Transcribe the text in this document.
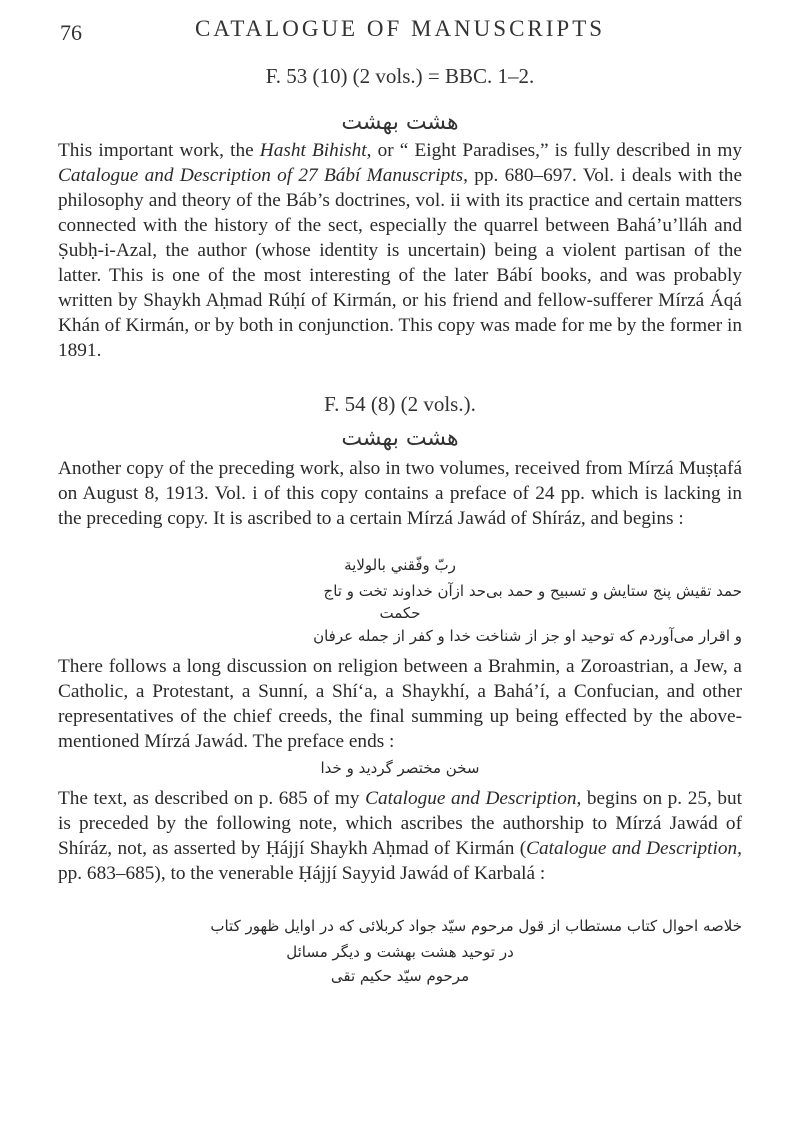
76	CATALOGUE OF MANUSCRIPTS
F. 53 (10) (2 vols.) = BBC. 1–2.
هشت بهشت

This important work, the Hasht Bihisht, or “ Eight Paradises,” is fully described in my Catalogue and Description of 27 Bábí Manuscripts, pp. 680–697. Vol. i deals with the philosophy and theory of the Báb’s doctrines, vol. ii with its practice and certain matters connected with the history of the sect, especially the quarrel between Bahá’u’lláh and Ṣubḥ-i-Azal, the author (whose identity is uncertain) being a violent partisan of the latter. This is one of the most interesting of the later Bábí books, and was probably written by Shaykh Aḥmad Rúḥí of Kirmán, or his friend and fellow-sufferer Mírzá Áqá Khán of Kirmán, or by both in conjunction. This copy was made for me by the former in 1891.

F. 54 (8) (2 vols.).
هشت بهشت

Another copy of the preceding work, also in two volumes, received from Mírzá Muṣṭafá on August 8, 1913. Vol. i of this copy contains a preface of 24 pp. which is lacking in the preceding copy. It is ascribed to a certain Mírzá Jawád of Shíráz, and begins :

ربّ وفّقني بالولاية
حمد تقیش پنج ستایش و تسبیح و حمد بی‌حد ازآن خداوند تخت و تاج
حکمت
و اقرار می‌آوردم که توحید او جز از شناخت خدا و کفر از جمله عرفان

There follows a long discussion on religion between a Brahmin, a Zoroastrian, a Jew, a Catholic, a Protestant, a Sunní, a Shí‘a, a Shaykhí, a Bahá’í, a Confucian, and other representatives of the chief creeds, the final summing up being effected by the above-mentioned Mírzá Jawád. The preface ends :

سخن مختصر گردید و خدا

The text, as described on p. 685 of my Catalogue and Description, begins on p. 25, but is preceded by the following note, which ascribes the authorship to Mírzá Jawád of Shíráz, not, as asserted by Ḥájjí Shaykh Aḥmad of Kirmán (Catalogue and Description, pp. 683–685), to the venerable Ḥájjí Sayyid Jawád of Karbalá :

خلاصه احوال کتاب مستطاب از قول مرحوم سیّد جواد کربلائی که در اوایل ظهور کتاب
در توحید هشت بهشت و دیگر مسائل
مرحوم سیّد حکیم تقی
